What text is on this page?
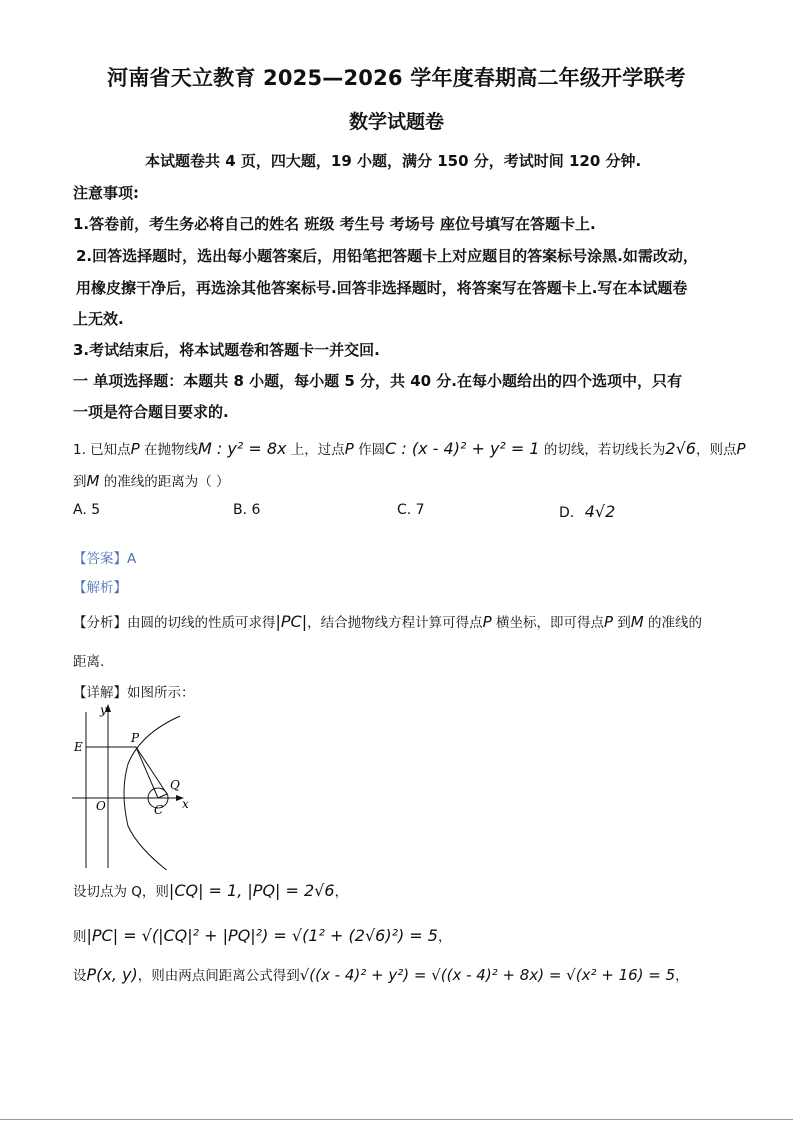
河南省天立教育 2025—2026 学年度春期高二年级开学联考
数学试题卷
本试题卷共 4 页，四大题，19 小题，满分 150 分，考试时间 120 分钟.
注意事项:
1.答卷前，考生务必将自己的姓名 班级 考生号 考场号 座位号填写在答题卡上.
2.回答选择题时，选出每小题答案后，用铅笔把答题卡上对应题目的答案标号涂黑.如需改动，
用橡皮擦干净后，再选涂其他答案标号.回答非选择题时，将答案写在答题卡上.写在本试题卷
上无效.
3.考试结束后，将本试题卷和答题卡一并交回.
一 单项选择题：本题共 8 小题，每小题 5 分，共 40 分.在每小题给出的四个选项中，只有
一项是符合题目要求的.
1. 已知点P 在抛物线M : y² = 8x 上，过点P 作圆C : (x - 4)² + y² = 1 的切线，若切线长为2√6，则点P
到M 的准线的距离为（ ）
A. 5	B. 6	C. 7	D. 4√2
【答案】A
【解析】
【分析】由圆的切线的性质可求得|PC|，结合抛物线方程计算可得点P 横坐标，即可得点P 到M 的准线的
距离.
【详解】如图所示：
y
E
P
Q
O	C x
设切点为 Q，则|CQ| = 1, |PQ| = 2√6，
则|PC| = √(|CQ|² + |PQ|²) = √(1² + (2√6)²) = 5，
设P(x, y)，则由两点间距离公式得到√((x - 4)² + y²) = √((x - 4)² + 8x) = √(x² + 16) = 5，
